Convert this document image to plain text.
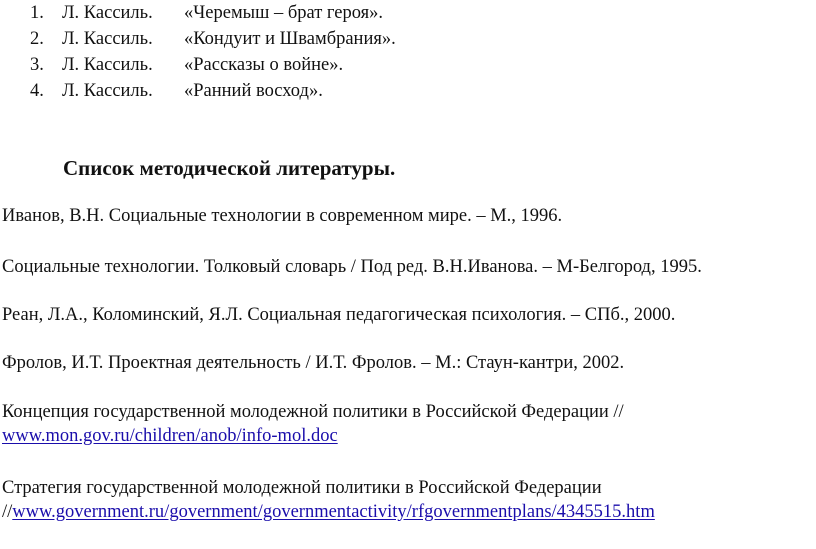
1. Л. Кассиль.	«Черемыш – брат героя».
2. Л. Кассиль.	«Кондуит и Швамбрания».
3. Л. Кассиль.	«Рассказы о войне».
4. Л. Кассиль.	«Ранний восход».
Список методической литературы.
Иванов, В.Н. Социальные технологии в современном мире. – М., 1996.
Социальные технологии. Толковый словарь / Под ред. В.Н.Иванова. – М-Белгород, 1995.
Реан, Л.А., Коломинский, Я.Л. Социальная педагогическая психология. – СПб., 2000.
Фролов, И.Т. Проектная деятельность / И.Т. Фролов. – М.: Стаун-кантри, 2002.
Концепция государственной молодежной политики в Российской Федерации //
www.mon.gov.ru/children/anob/info-mol.doc
Стратегия государственной молодежной политики в Российской Федерации
//www.government.ru/government/governmentactivity/rfgovernmentplans/4345515.htm
